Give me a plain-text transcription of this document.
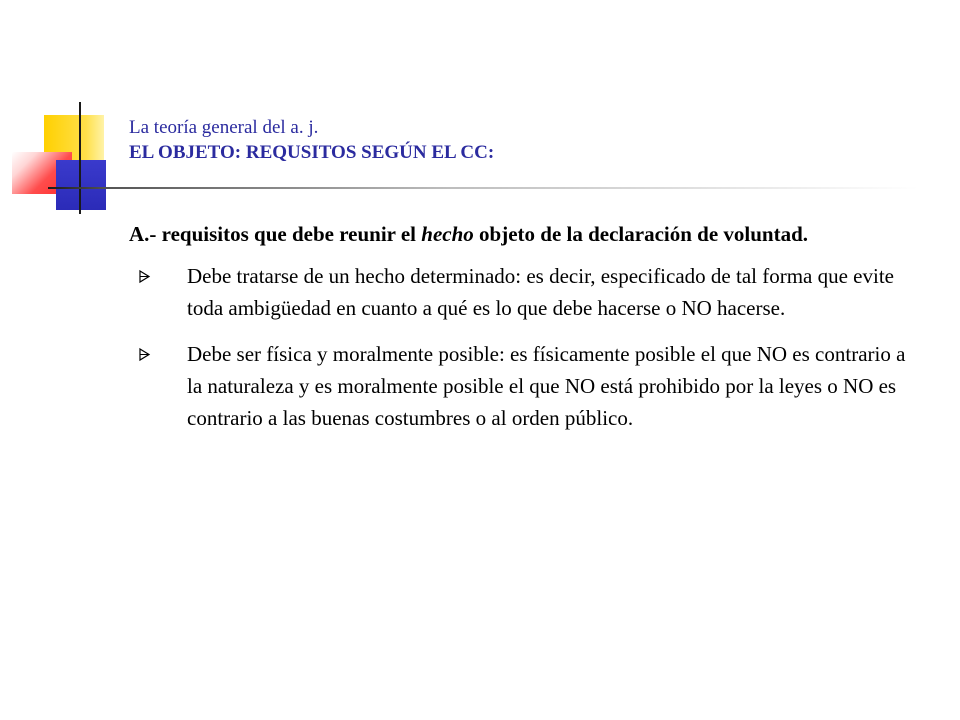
La teoría general del a. j.
EL OBJETO: REQUSITOS SEGÚN EL CC:

A.- requisitos que debe reunir el hecho objeto de la declaración de voluntad.

Debe tratarse de un hecho determinado: es decir, especificado de tal forma que evite toda ambigüedad en cuanto a qué es lo que debe hacerse o NO hacerse.
Debe ser física y moralmente posible: es físicamente posible el que NO es contrario a la naturaleza y es moralmente posible el que NO está prohibido por la leyes o NO es contrario a las buenas costumbres o al orden público.
